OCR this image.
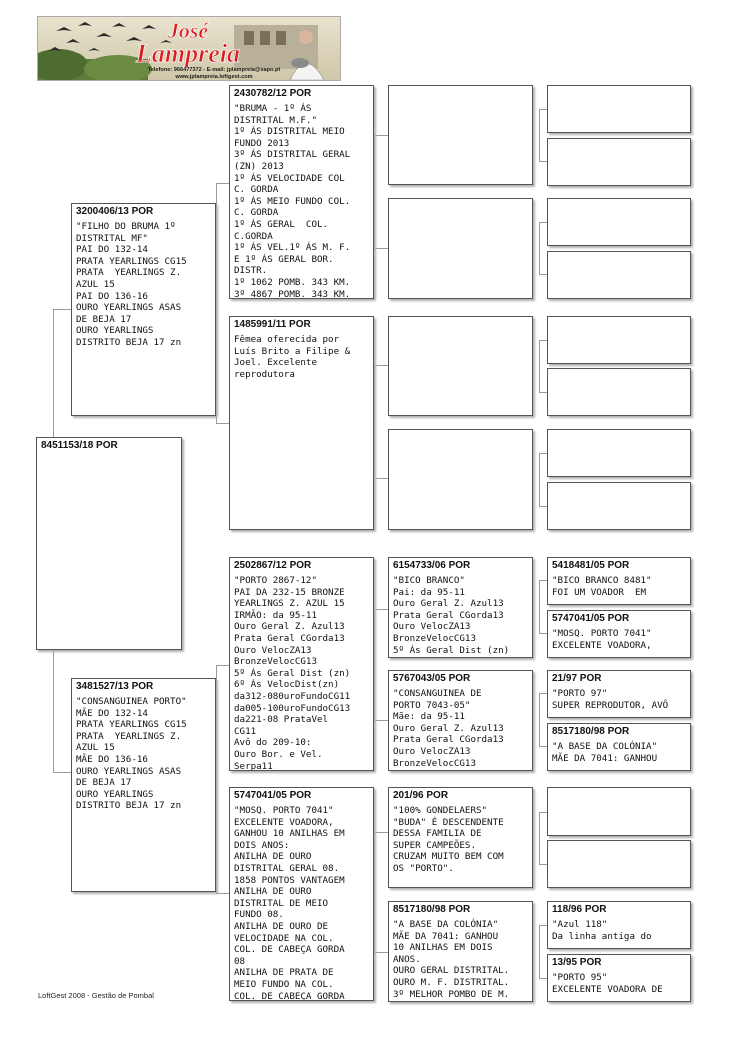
José
Lampreia
Telefone: 966477372 - E-mail: jplampreia@sapo.pt
www.jplampreia.loftgest.com
8451153/18 POR
3200406/13 POR
"FILHO DO BRUMA 1º
DISTRITAL MF"
PAI DO 132-14
PRATA YEARLINGS CG15
PRATA  YEARLINGS Z.
AZUL 15
PAI DO 136-16
OURO YEARLINGS ASAS
DE BEJA 17
OURO YEARLINGS
DISTRITO BEJA 17 zn
3481527/13 POR
"CONSANGUINEA PORTO"
MÃE DO 132-14
PRATA YEARLINGS CG15
PRATA  YEARLINGS Z.
AZUL 15
MÃE DO 136-16
OURO YEARLINGS ASAS
DE BEJA 17
OURO YEARLINGS
DISTRITO BEJA 17 zn
2430782/12 POR
"BRUMA - 1º ÁS
DISTRITAL M.F."
1º ÁS DISTRITAL MEIO
FUNDO 2013
3º ÁS DISTRITAL GERAL
(ZN) 2013
1º ÁS VELOCIDADE COL
C. GORDA
1º ÁS MEIO FUNDO COL.
C. GORDA
1º ÁS GERAL  COL.
C.GORDA
1º ÁS VEL.1º ÁS M. F.
E 1º ÁS GERAL BOR.
DISTR.
1º 1062 POMB. 343 KM.
3º 4867 POMB. 343 KM.
1485991/11 POR
Fêmea oferecida por
Luís Brito a Filipe &
Joel. Excelente
reprodutora
2502867/12 POR
"PORTO 2867-12"
PAI DA 232-15 BRONZE
YEARLINGS Z. AZUL 15
IRMÃO: da 95-11
Ouro Geral Z. Azul13
Prata Geral CGorda13
Ouro VelocZA13
BronzeVelocCG13
5º Ás Geral Dist (zn)
6º Ás VelocDist(zn)
da312-080uroFundoCG11
da005-100uroFundoCG13
da221-08 PrataVel
CG11
Avô do 209-10:
Ouro Bor. e Vel.
Serpa11
5747041/05 POR
"MOSQ. PORTO 7041"
EXCELENTE VOADORA,
GANHOU 10 ANILHAS EM
DOIS ANOS:
ANILHA DE OURO
DISTRITAL GERAL 08.
1858 PONTOS VANTAGEM
ANILHA DE OURO
DISTRITAL DE MEIO
FUNDO 08.
ANILHA DE OURO DE
VELOCIDADE NA COL.
COL. DE CABEÇA GORDA
08
ANILHA DE PRATA DE
MEIO FUNDO NA COL.
COL. DE CABEÇA GORDA
6154733/06 POR
"BICO BRANCO"
Pai: da 95-11
Ouro Geral Z. Azul13
Prata Geral CGorda13
Ouro VelocZA13
BronzeVelocCG13
5º Ás Geral Dist (zn)
5767043/05 POR
"CONSANGUINEA DE
PORTO 7043-05"
Mãe: da 95-11
Ouro Geral Z. Azul13
Prata Geral CGorda13
Ouro VelocZA13
BronzeVelocCG13
201/96 POR
"100% GONDELAERS"
"BUDA" É DESCENDENTE
DESSA FAMILIA DE
SUPER CAMPEÕES.
CRUZAM MUITO BEM COM
OS "PORTO".
8517180/98 POR
"A BASE DA COLÓNIA"
MÃE DA 7041: GANHOU
10 ANILHAS EM DOIS
ANOS.
OURO GERAL DISTRITAL.
OURO M. F. DISTRITAL.
3º MELHOR POMBO DE M.
5418481/05 POR
"BICO BRANCO 8481"
FOI UM VOADOR  EM
5747041/05 POR
"MOSQ. PORTO 7041"
EXCELENTE VOADORA,
21/97 POR
"PORTO 97"
SUPER REPRODUTOR, AVÔ
8517180/98 POR
"A BASE DA COLÓNIA"
MÃE DA 7041: GANHOU
118/96 POR
"Azul 118"
Da linha antiga do
13/95 POR
"PORTO 95"
EXCELENTE VOADORA DE
LoftGest 2008 - Gestão de Pombal
